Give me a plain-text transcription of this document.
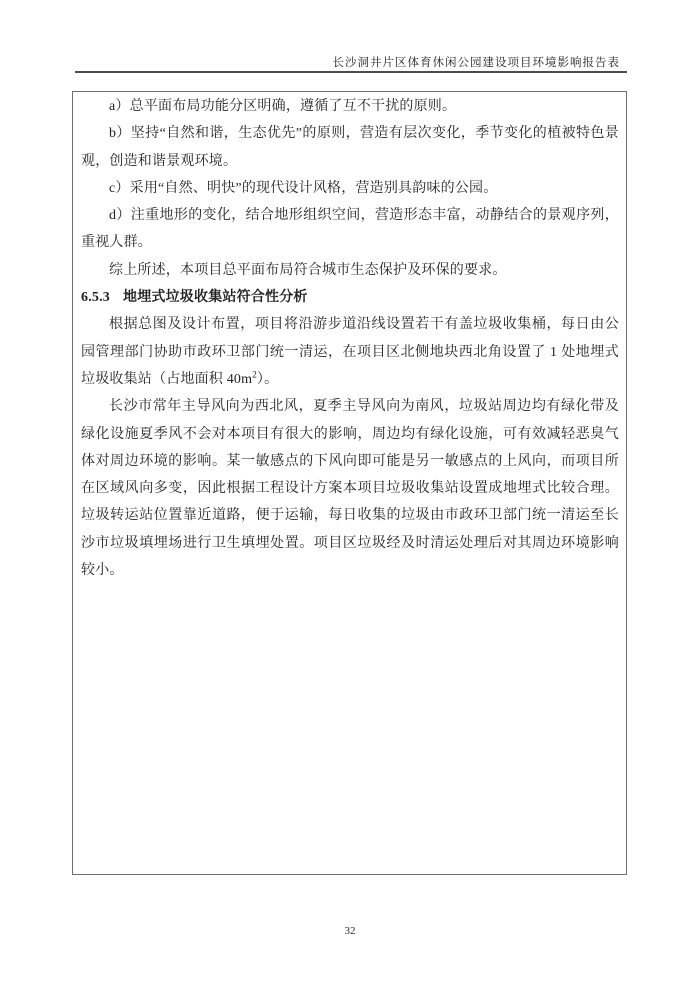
长沙洞井片区体育休闲公园建设项目环境影响报告表

a）总平面布局功能分区明确，遵循了互不干扰的原则。

b）坚持“自然和谐，生态优先”的原则，营造有层次变化，季节变化的植被特色景观，创造和谐景观环境。

c）采用“自然、明快”的现代设计风格，营造别具韵味的公园。

d）注重地形的变化，结合地形组织空间，营造形态丰富，动静结合的景观序列，重视人群。

综上所述，本项目总平面布局符合城市生态保护及环保的要求。

6.5.3 地埋式垃圾收集站符合性分析

根据总图及设计布置，项目将沿游步道沿线设置若干有盖垃圾收集桶，每日由公园管理部门协助市政环卫部门统一清运，在项目区北侧地块西北角设置了 1 处地埋式垃圾收集站（占地面积 $40m^2$）。

长沙市常年主导风向为西北风，夏季主导风向为南风，垃圾站周边均有绿化带及绿化设施夏季风不会对本项目有很大的影响，周边均有绿化设施，可有效减轻恶臭气体对周边环境的影响。某一敏感点的下风向即可能是另一敏感点的上风向，而项目所在区域风向多变，因此根据工程设计方案本项目垃圾收集站设置成地埋式比较合理。垃圾转运站位置靠近道路，便于运输，每日收集的垃圾由市政环卫部门统一清运至长沙市垃圾填埋场进行卫生填埋处置。项目区垃圾经及时清运处理后对其周边环境影响较小。

32
